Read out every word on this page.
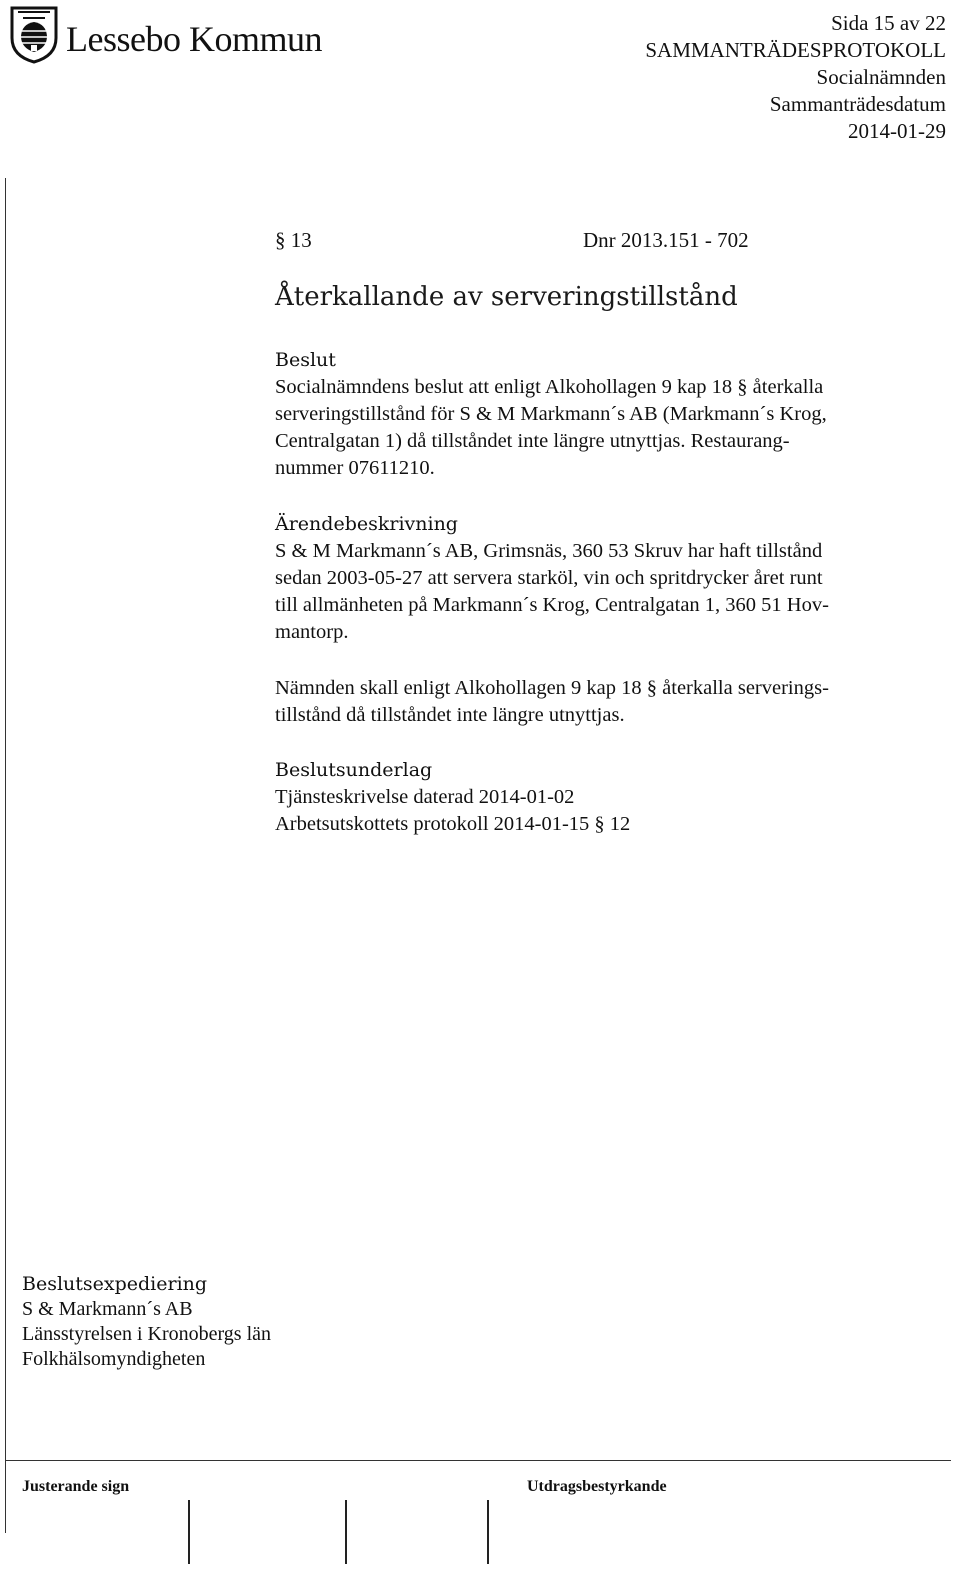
Lessebo Kommun	Sida 15 av 22
SAMMANTRÄDESPROTOKOLL
Socialnämnden
Sammanträdesdatum
2014-01-29
§ 13	Dnr 2013.151 - 702
Återkallande av serveringstillstånd

Beslut

Socialnämndens beslut att enligt Alkohollagen 9 kap 18 § återkalla

serveringstillstånd för S & M Markmann´s AB (Markmann´s Krog,

Centralgatan 1) då tillståndet inte längre utnyttjas. Restaurang-

nummer 07611210.

Ärendebeskrivning

S & M Markmann´s AB, Grimsnäs, 360 53 Skruv har haft tillstånd

sedan 2003-05-27 att servera starköl, vin och spritdrycker året runt

till allmänheten på Markmann´s Krog, Centralgatan 1, 360 51 Hov-

mantorp.

Nämnden skall enligt Alkohollagen 9 kap 18 § återkalla serverings-

tillstånd då tillståndet inte längre utnyttjas.

Beslutsunderlag

Tjänsteskrivelse daterad 2014-01-02

Arbetsutskottets protokoll 2014-01-15 § 12

Beslutsexpediering
S & Markmann´s AB
Länsstyrelsen i Kronobergs län
Folkhälsomyndigheten
Justerande sign	Utdragsbestyrkande
